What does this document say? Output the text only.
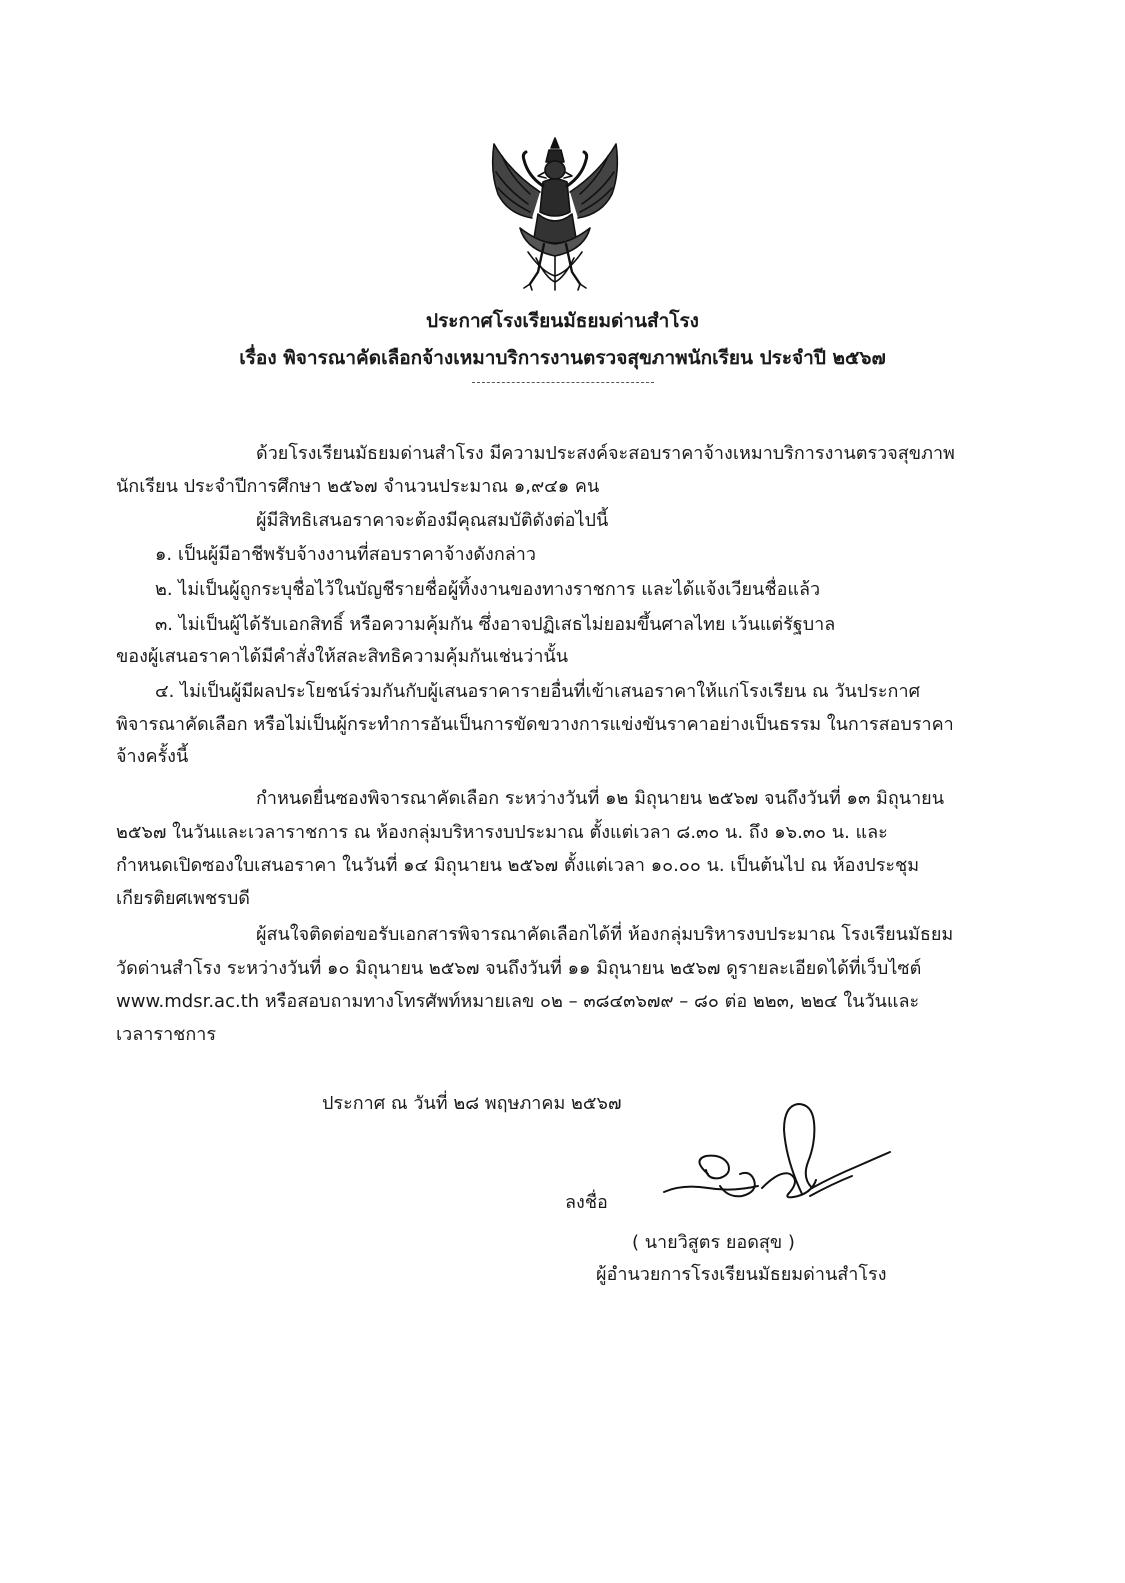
ประกาศโรงเรียนมัธยมด่านสำโรง
เรื่อง พิจารณาคัดเลือกจ้างเหมาบริการงานตรวจสุขภาพนักเรียน ประจำปี ๒๕๖๗
ด้วยโรงเรียนมัธยมด่านสำโรง มีความประสงค์จะสอบราคาจ้างเหมาบริการงานตรวจสุขภาพ
นักเรียน ประจำปีการศึกษา ๒๕๖๗ จำนวนประมาณ ๑,๙๔๑ คน
ผู้มีสิทธิเสนอราคาจะต้องมีคุณสมบัติดังต่อไปนี้
๑. เป็นผู้มีอาชีพรับจ้างงานที่สอบราคาจ้างดังกล่าว
๒. ไม่เป็นผู้ถูกระบุชื่อไว้ในบัญชีรายชื่อผู้ทิ้งงานของทางราชการ และได้แจ้งเวียนชื่อแล้ว
๓. ไม่เป็นผู้ได้รับเอกสิทธิ์ หรือความคุ้มกัน ซึ่งอาจปฏิเสธไม่ยอมขึ้นศาลไทย เว้นแต่รัฐบาล
ของผู้เสนอราคาได้มีคำสั่งให้สละสิทธิความคุ้มกันเช่นว่านั้น
๔. ไม่เป็นผู้มีผลประโยชน์ร่วมกันกับผู้เสนอราคารายอื่นที่เข้าเสนอราคาให้แก่โรงเรียน ณ วันประกาศ
พิจารณาคัดเลือก หรือไม่เป็นผู้กระทำการอันเป็นการขัดขวางการแข่งขันราคาอย่างเป็นธรรม ในการสอบราคา
จ้างครั้งนี้
กำหนดยื่นซองพิจารณาคัดเลือก ระหว่างวันที่ ๑๒ มิถุนายน ๒๕๖๗ จนถึงวันที่ ๑๓ มิถุนายน
๒๕๖๗ ในวันและเวลาราชการ ณ ห้องกลุ่มบริหารงบประมาณ ตั้งแต่เวลา ๘.๓๐ น. ถึง ๑๖.๓๐ น. และ
กำหนดเปิดซองใบเสนอราคา ในวันที่ ๑๔ มิถุนายน ๒๕๖๗ ตั้งแต่เวลา ๑๐.๐๐ น. เป็นต้นไป ณ ห้องประชุม
เกียรติยศเพชรบดี
ผู้สนใจติดต่อขอรับเอกสารพิจารณาคัดเลือกได้ที่ ห้องกลุ่มบริหารงบประมาณ โรงเรียนมัธยม
วัดด่านสำโรง ระหว่างวันที่ ๑๐ มิถุนายน ๒๕๖๗ จนถึงวันที่ ๑๑ มิถุนายน ๒๕๖๗ ดูรายละเอียดได้ที่เว็บไซต์
www.mdsr.ac.th หรือสอบถามทางโทรศัพท์หมายเลข ๐๒ – ๓๘๔๓๖๗๙ – ๘๐ ต่อ ๒๒๓, ๒๒๔ ในวันและ
เวลาราชการ
ประกาศ ณ วันที่ ๒๘ พฤษภาคม ๒๕๖๗
ลงชื่อ
( นายวิสูตร ยอดสุข )
ผู้อำนวยการโรงเรียนมัธยมด่านสำโรง
